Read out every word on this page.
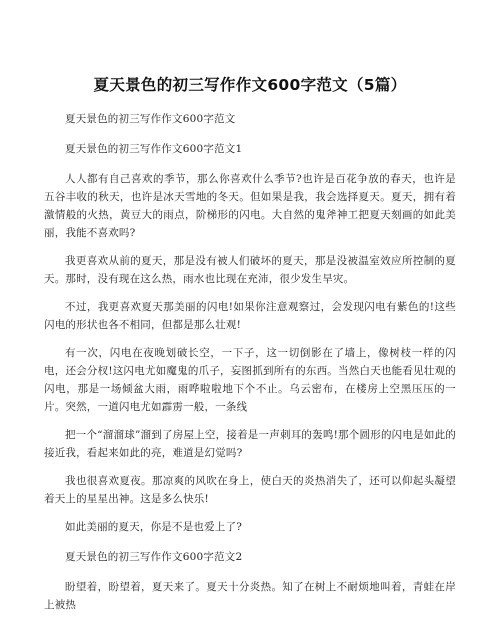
夏天景色的初三写作作文600字范文（5篇）

夏天景色的初三写作作文600字范文

夏天景色的初三写作作文600字范文1

人人都有自己喜欢的季节，那么你喜欢什么季节?也许是百花争放的春天，也许是五谷丰收的秋天，也许是冰天雪地的冬天。但如果是我，我会选择夏天。夏天，拥有着激情般的火热，黄豆大的雨点，阶梯形的闪电。大自然的鬼斧神工把夏天刻画的如此美丽，我能不喜欢吗?

我更喜欢从前的夏天，那是没有被人们破坏的夏天，那是没被温室效应所控制的夏天。那时，没有现在这么热，雨水也比现在充沛，很少发生旱灾。

不过，我更喜欢夏天那美丽的闪电!如果你注意观察过，会发现闪电有紫色的!这些闪电的形状也各不相同，但都是那么壮观!

有一次，闪电在夜晚划破长空，一下子，这一切倒影在了墙上，像树枝一样的闪电，还会分杈!这闪电尤如魔鬼的爪子，妄图抓到所有的东西。当然白天也能看见壮观的闪电，那是一场倾盆大雨，雨哗啦啦地下个不止。乌云密布，在楼房上空黑压压的一片。突然，一道闪电尤如霹雳一般，一条线

把一个“溜溜球”溜到了房屋上空，接着是一声刺耳的轰鸣!那个圆形的闪电是如此的接近我，看起来如此的亮，难道是幻觉吗?

我也很喜欢夏夜。那凉爽的风吹在身上，使白天的炎热消失了，还可以仰起头凝望着天上的星星出神。这是多么快乐!

如此美丽的夏天，你是不是也爱上了?

夏天景色的初三写作作文600字范文2

盼望着，盼望着，夏天来了。夏天十分炎热。知了在树上不耐烦地叫着，青蛙在岸上被热
